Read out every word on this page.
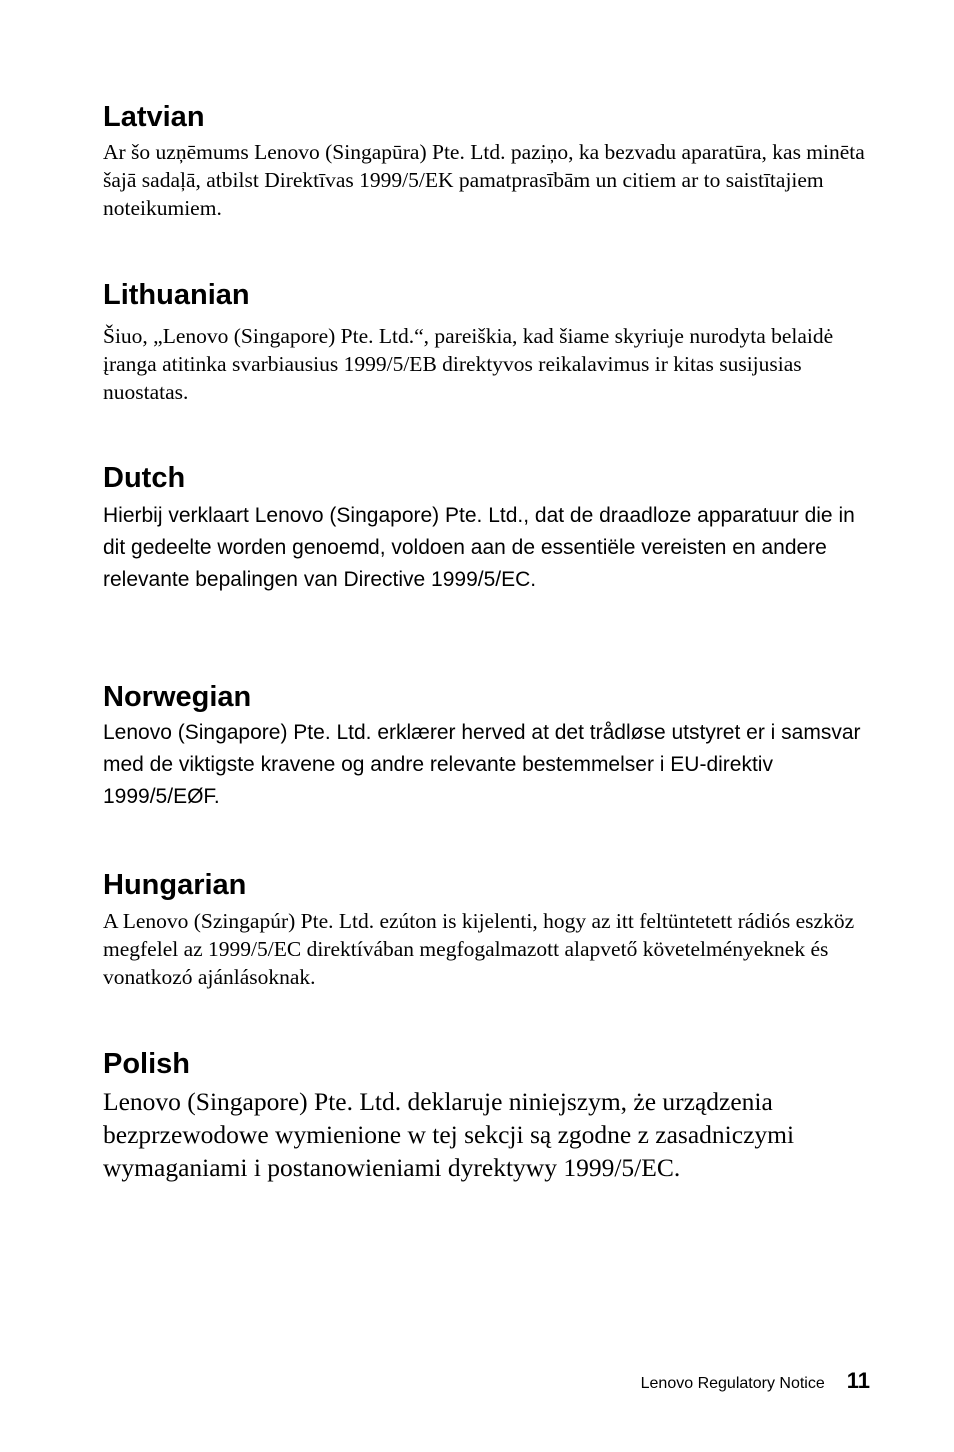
Latvian

Ar šo uzņēmums Lenovo (Singapūra) Pte. Ltd. paziņo, ka bezvadu aparatūra, kas minēta šajā sadaļā, atbilst Direktīvas 1999/5/EK pamatprasībām un citiem ar to saistītajiem noteikumiem.

Lithuanian

Šiuo, „Lenovo (Singapore) Pte. Ltd.“, pareiškia, kad šiame skyriuje nurodyta belaidė įranga atitinka svarbiausius 1999/5/EB direktyvos reikalavimus ir kitas susijusias nuostatas.

Dutch

Hierbij verklaart Lenovo (Singapore) Pte. Ltd., dat de draadloze apparatuur die in dit gedeelte worden genoemd, voldoen aan de essentiële vereisten en andere relevante bepalingen van Directive 1999/5/EC.

Norwegian

Lenovo (Singapore) Pte. Ltd. erklærer herved at det trådløse utstyret er i samsvar med de viktigste kravene og andre relevante bestemmelser i EU-direktiv 1999/5/EØF.

Hungarian

A Lenovo (Szingapúr) Pte. Ltd. ezúton is kijelenti, hogy az itt feltüntetett rádiós eszköz megfelel az 1999/5/EC direktívában megfogalmazott alapvető követelményeknek és vonatkozó ajánlásoknak.

Polish

Lenovo (Singapore) Pte. Ltd. deklaruje niniejszym, że urządzenia bezprzewodowe wymienione w tej sekcji są zgodne z zasadniczymi wymaganiami i postanowieniami dyrektywy 1999/5/EC.

Lenovo Regulatory Notice 11
